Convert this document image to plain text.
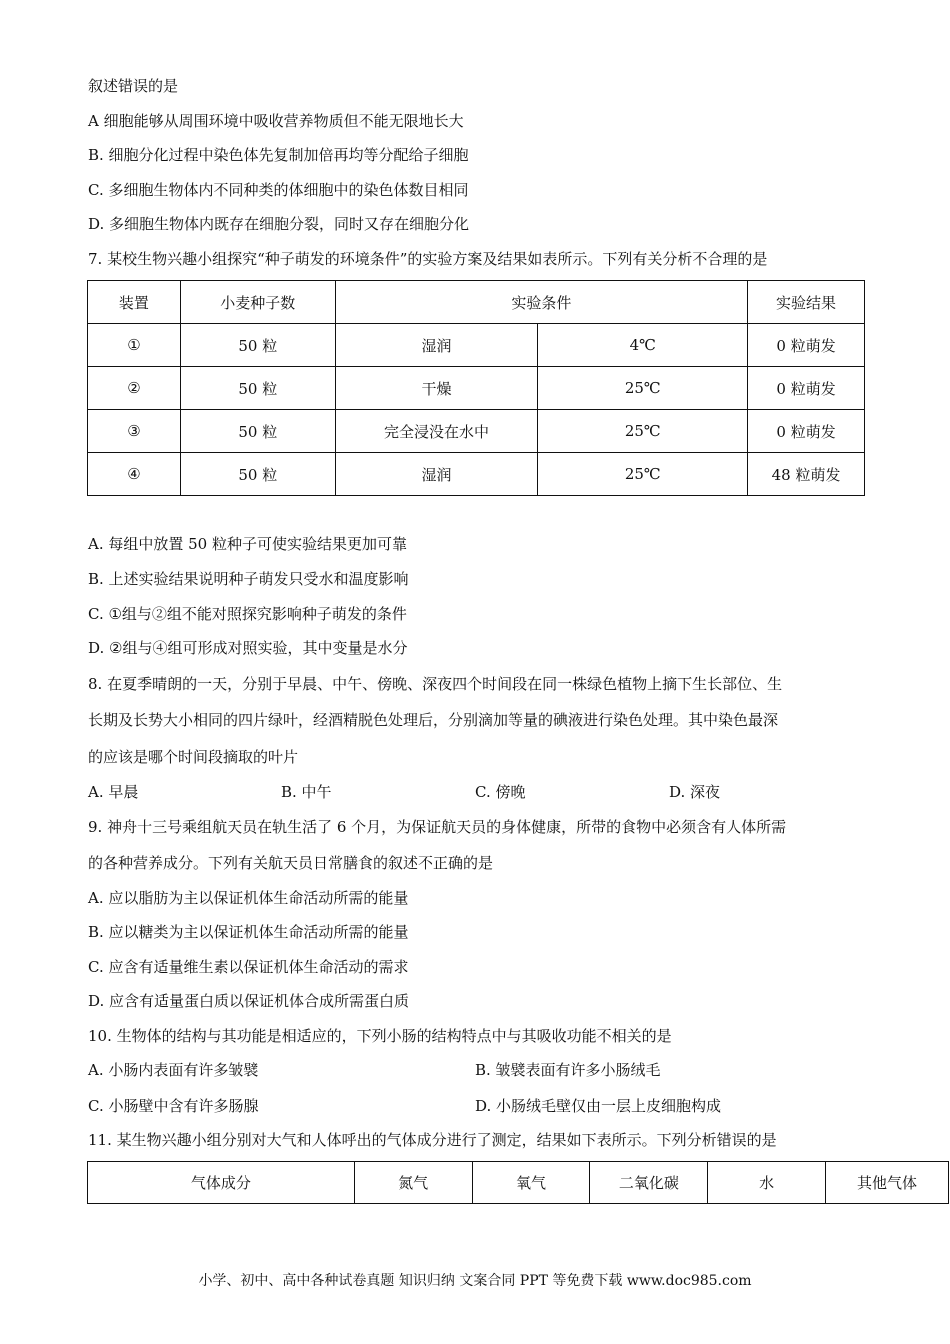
叙述错误的是
A 细胞能够从周围环境中吸收营养物质但不能无限地长大
B. 细胞分化过程中染色体先复制加倍再均等分配给子细胞
C. 多细胞生物体内不同种类的体细胞中的染色体数目相同
D. 多细胞生物体内既存在细胞分裂，同时又存在细胞分化
7. 某校生物兴趣小组探究“种子萌发的环境条件”的实验方案及结果如表所示。下列有关分析不合理的是
装置	小麦种子数	实验条件		实验结果
①	50 粒	湿润	4℃	0 粒萌发
②	50 粒	干燥	25℃	0 粒萌发
③	50 粒	完全浸没在水中	25℃	0 粒萌发
④	50 粒	湿润	25℃	48 粒萌发
A. 每组中放置 50 粒种子可使实验结果更加可靠
B. 上述实验结果说明种子萌发只受水和温度影响
C. ①组与②组不能对照探究影响种子萌发的条件
D. ②组与④组可形成对照实验，其中变量是水分
8. 在夏季晴朗的一天，分别于早晨、中午、傍晚、深夜四个时间段在同一株绿色植物上摘下生长部位、生
长期及长势大小相同的四片绿叶，经酒精脱色处理后，分别滴加等量的碘液进行染色处理。其中染色最深
的应该是哪个时间段摘取的叶片
A. 早晨	B. 中午	C. 傍晚	D. 深夜
9. 神舟十三号乘组航天员在轨生活了 6 个月，为保证航天员的身体健康，所带的食物中必须含有人体所需
的各种营养成分。下列有关航天员日常膳食的叙述不正确的是
A. 应以脂肪为主以保证机体生命活动所需的能量
B. 应以糖类为主以保证机体生命活动所需的能量
C. 应含有适量维生素以保证机体生命活动的需求
D. 应含有适量蛋白质以保证机体合成所需蛋白质
10. 生物体的结构与其功能是相适应的，下列小肠的结构特点中与其吸收功能不相关的是
A. 小肠内表面有许多皱襞	B. 皱襞表面有许多小肠绒毛
C. 小肠壁中含有许多肠腺	D. 小肠绒毛壁仅由一层上皮细胞构成
11. 某生物兴趣小组分别对大气和人体呼出的气体成分进行了测定，结果如下表所示。下列分析错误的是
气体成分	氮气	氧气	二氧化碳	水	其他气体
小学、初中、高中各种试卷真题 知识归纳 文案合同 PPT 等免费下载 www.doc985.com
